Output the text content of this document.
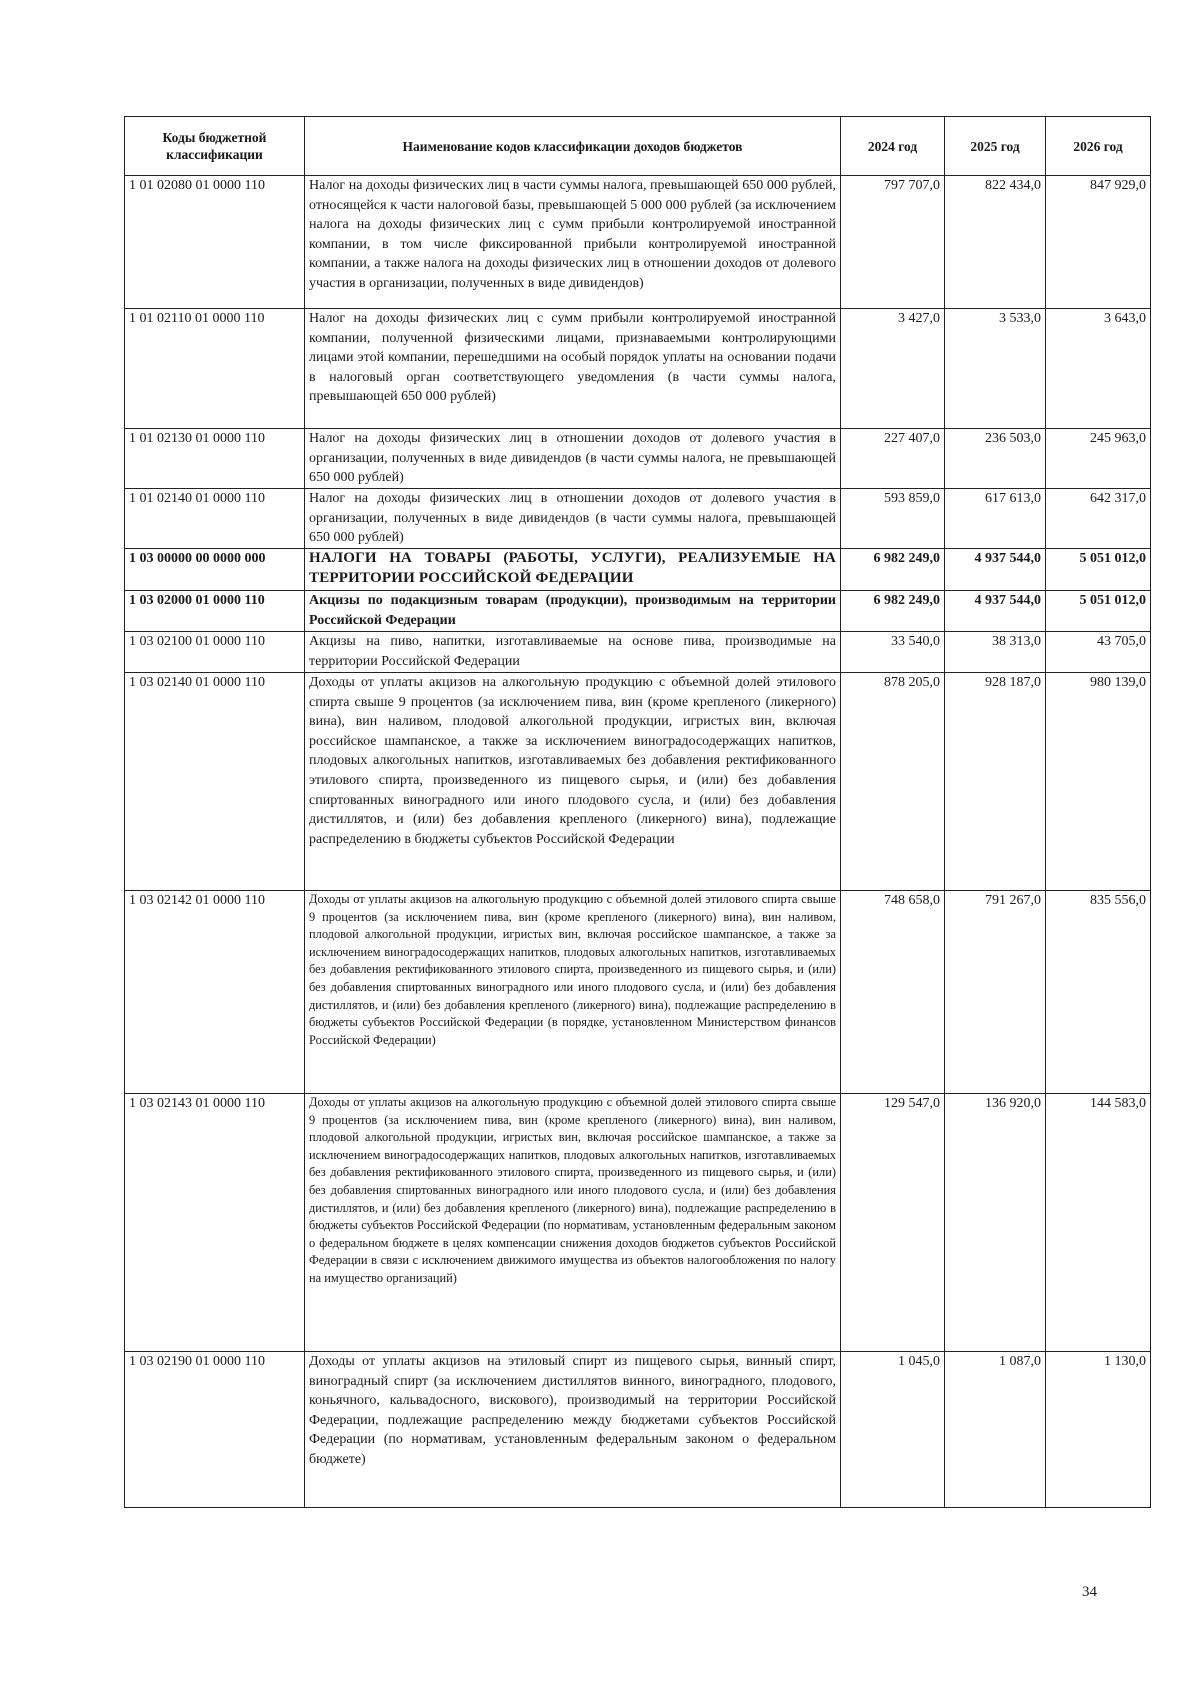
Коды бюджетной классификации	Наименование кодов классификации доходов бюджетов	2024 год	2025 год	2026 год
1 01 02080 01 0000 110	Налог на доходы физических лиц в части суммы налога, превышающей 650 000 рублей, относящейся к части налоговой базы, превышающей 5 000 000 рублей (за исключением налога на доходы физических лиц с сумм прибыли контролируемой иностранной компании, в том числе фиксированной прибыли контролируемой иностранной компании, а также налога на доходы физических лиц в отношении доходов от долевого участия в организации, полученных в виде дивидендов)	797 707,0	822 434,0	847 929,0
1 01 02110 01 0000 110	Налог на доходы физических лиц с сумм прибыли контролируемой иностранной компании, полученной физическими лицами, признаваемыми контролирующими лицами этой компании, перешедшими на особый порядок уплаты на основании подачи в налоговый орган соответствующего уведомления (в части суммы налога, превышающей 650 000 рублей)	3 427,0	3 533,0	3 643,0
1 01 02130 01 0000 110	Налог на доходы физических лиц в отношении доходов от долевого участия в организации, полученных в виде дивидендов (в части суммы налога, не превышающей 650 000 рублей)	227 407,0	236 503,0	245 963,0
1 01 02140 01 0000 110	Налог на доходы физических лиц в отношении доходов от долевого участия в организации, полученных в виде дивидендов (в части суммы налога, превышающей 650 000 рублей)	593 859,0	617 613,0	642 317,0
1 03 00000 00 0000 000	НАЛОГИ НА ТОВАРЫ (РАБОТЫ, УСЛУГИ), РЕАЛИЗУЕМЫЕ НА ТЕРРИТОРИИ РОССИЙСКОЙ ФЕДЕРАЦИИ	6 982 249,0	4 937 544,0	5 051 012,0
1 03 02000 01 0000 110	Акцизы по подакцизным товарам (продукции), производимым на территории Российской Федерации	6 982 249,0	4 937 544,0	5 051 012,0
1 03 02100 01 0000 110	Акцизы на пиво, напитки, изготавливаемые на основе пива, производимые на территории Российской Федерации	33 540,0	38 313,0	43 705,0
1 03 02140 01 0000 110	Доходы от уплаты акцизов на алкогольную продукцию с объемной долей этилового спирта свыше 9 процентов (за исключением пива, вин (кроме крепленого (ликерного) вина), вин наливом, плодовой алкогольной продукции, игристых вин, включая российское шампанское, а также за исключением виноградосодержащих напитков, плодовых алкогольных напитков, изготавливаемых без добавления ректификованного этилового спирта, произведенного из пищевого сырья, и (или) без добавления спиртованных виноградного или иного плодового сусла, и (или) без добавления дистиллятов, и (или) без добавления крепленого (ликерного) вина), подлежащие распределению в бюджеты субъектов Российской Федерации	878 205,0	928 187,0	980 139,0
1 03 02142 01 0000 110	Доходы от уплаты акцизов на алкогольную продукцию с объемной долей этилового спирта свыше 9 процентов (за исключением пива, вин (кроме крепленого (ликерного) вина), вин наливом, плодовой алкогольной продукции, игристых вин, включая российское шампанское, а также за исключением виноградосодержащих напитков, плодовых алкогольных напитков, изготавливаемых без добавления ректификованного этилового спирта, произведенного из пищевого сырья, и (или) без добавления спиртованных виноградного или иного плодового сусла, и (или) без добавления дистиллятов, и (или) без добавления крепленого (ликерного) вина), подлежащие распределению в бюджеты субъектов Российской Федерации (в порядке, установленном Министерством финансов Российской Федерации)	748 658,0	791 267,0	835 556,0
1 03 02143 01 0000 110	Доходы от уплаты акцизов на алкогольную продукцию с объемной долей этилового спирта свыше 9 процентов (за исключением пива, вин (кроме крепленого (ликерного) вина), вин наливом, плодовой алкогольной продукции, игристых вин, включая российское шампанское, а также за исключением виноградосодержащих напитков, плодовых алкогольных напитков, изготавливаемых без добавления ректификованного этилового спирта, произведенного из пищевого сырья, и (или) без добавления спиртованных виноградного или иного плодового сусла, и (или) без добавления дистиллятов, и (или) без добавления крепленого (ликерного) вина), подлежащие распределению в бюджеты субъектов Российской Федерации (по нормативам, установленным федеральным законом о федеральном бюджете в целях компенсации снижения доходов бюджетов субъектов Российской Федерации в связи с исключением движимого имущества из объектов налогообложения по налогу на имущество организаций)	129 547,0	136 920,0	144 583,0
1 03 02190 01 0000 110	Доходы от уплаты акцизов на этиловый спирт из пищевого сырья, винный спирт, виноградный спирт (за исключением дистиллятов винного, виноградного, плодового, коньячного, кальвадосного, вискового), производимый на территории Российской Федерации, подлежащие распределению между бюджетами субъектов Российской Федерации (по нормативам, установленным федеральным законом о федеральном бюджете)	1 045,0	1 087,0	1 130,0
34
